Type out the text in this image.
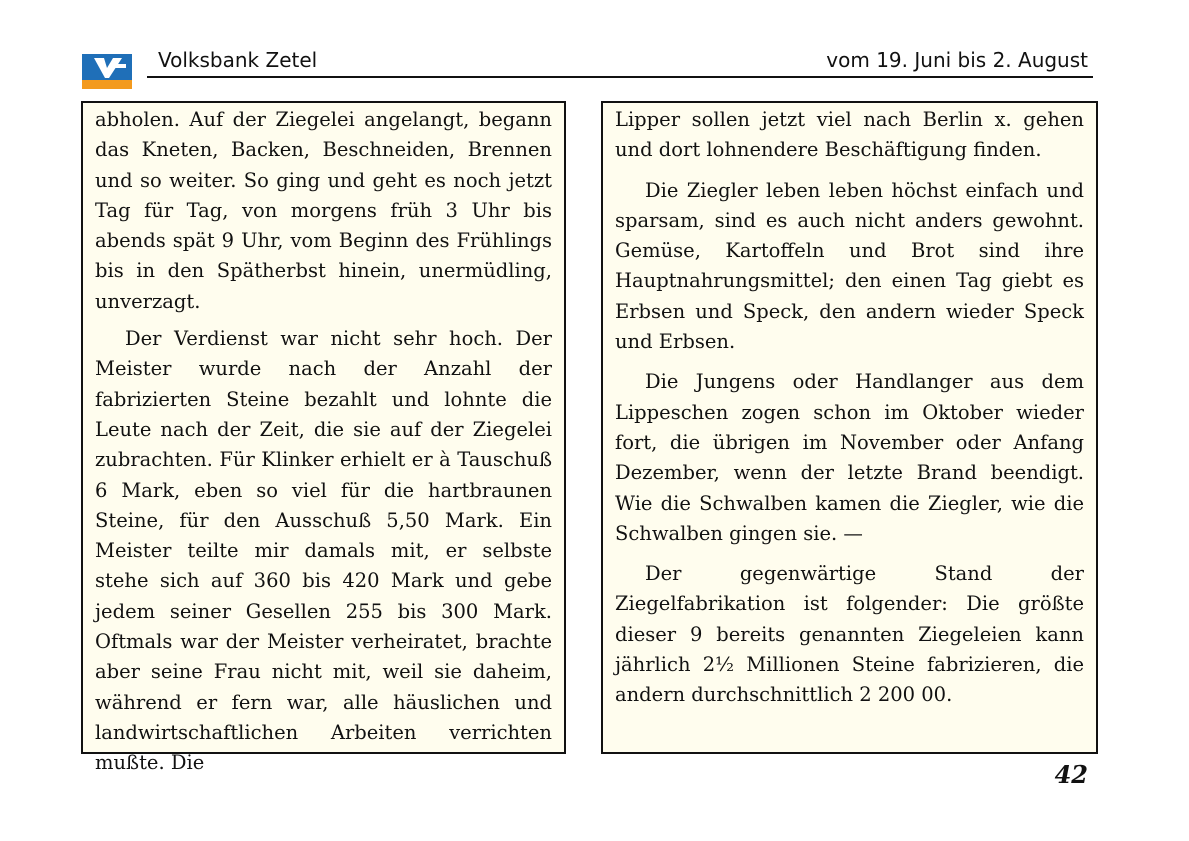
Volksbank Zetel	vom 19. Juni bis 2. August

abholen. Auf der Ziegelei angelangt, begann das Kneten, Backen, Beschneiden, Brennen und so weiter. So ging und geht es noch jetzt Tag für Tag, von morgens früh 3 Uhr bis abends spät 9 Uhr, vom Beginn des Frühlings bis in den Spätherbst hinein, unermüdling, unverzagt.

Der Verdienst war nicht sehr hoch. Der Meister wurde nach der Anzahl der fabrizierten Steine bezahlt und lohnte die Leute nach der Zeit, die sie auf der Ziegelei zubrachten. Für Klinker erhielt er à Tauschuß 6 Mark, eben so viel für die hartbraunen Steine, für den Ausschuß 5,50 Mark. Ein Meister teilte mir damals mit, er selbste stehe sich auf 360 bis 420 Mark und gebe jedem seiner Gesellen 255 bis 300 Mark. Oftmals war der Meister verheiratet, brachte aber seine Frau nicht mit, weil sie daheim, während er fern war, alle häuslichen und landwirtschaftlichen Arbeiten verrichten mußte. Die

Lipper sollen jetzt viel nach Berlin x. gehen und dort lohnendere Beschäftigung finden.

Die Ziegler leben leben höchst einfach und sparsam, sind es auch nicht anders gewohnt. Gemüse, Kartoffeln und Brot sind ihre Hauptnahrungsmittel; den einen Tag giebt es Erbsen und Speck, den andern wieder Speck und Erbsen.

Die Jungens oder Handlanger aus dem Lippeschen zogen schon im Oktober wieder fort, die übrigen im November oder Anfang Dezember, wenn der letzte Brand beendigt. Wie die Schwalben kamen die Ziegler, wie die Schwalben gingen sie. —

Der gegenwärtige Stand der Ziegelfabrikation ist folgender: Die größte dieser 9 bereits genannten Ziegeleien kann jährlich 2½ Millionen Steine fabrizieren, die andern durchschnittlich 2 200 00.

42
